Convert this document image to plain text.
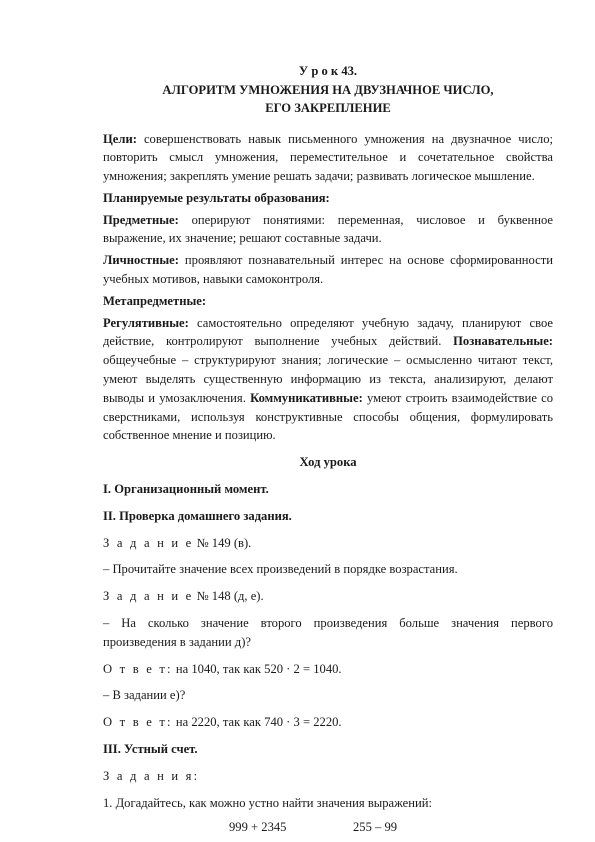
У р о к 43.
АЛГОРИТМ УМНОЖЕНИЯ НА ДВУЗНАЧНОЕ ЧИСЛО,
ЕГО ЗАКРЕПЛЕНИЕ

Цели: совершенствовать навык письменного умножения на двузначное число; повторить смысл умножения, переместительное и сочетательное свойства умножения; закреплять умение решать задачи; развивать логическое мышление.

Планируемые результаты образования:

Предметные: оперируют понятиями: переменная, числовое и буквенное выражение, их значение; решают составные задачи.

Личностные: проявляют познавательный интерес на основе сформированности учебных мотивов, навыки самоконтроля.

Метапредметные:

Регулятивные: самостоятельно определяют учебную задачу, планируют свое действие, контролируют выполнение учебных действий. Познавательные: общеучебные – структурируют знания; логические – осмысленно читают текст, умеют выделять существенную информацию из текста, анализируют, делают выводы и умозаключения. Коммуникативные: умеют строить взаимодействие со сверстниками, используя конструктивные способы общения, формулировать собственное мнение и позицию.

Ход урока

I. Организационный момент.

II. Проверка домашнего задания.

З а д а н и е № 149 (в).

– Прочитайте значение всех произведений в порядке возрастания.

З а д а н и е № 148 (д, е).

– На сколько значение второго произведения больше значения первого произведения в задании д)?

О т в е т: на 1040, так как 520 · 2 = 1040.

– В задании е)?

О т в е т: на 2220, так как 740 · 3 = 2220.

III. Устный счет.

З а д а н и я:

1. Догадайтесь, как можно устно найти значения выражений:

999 + 2345	255 – 99
